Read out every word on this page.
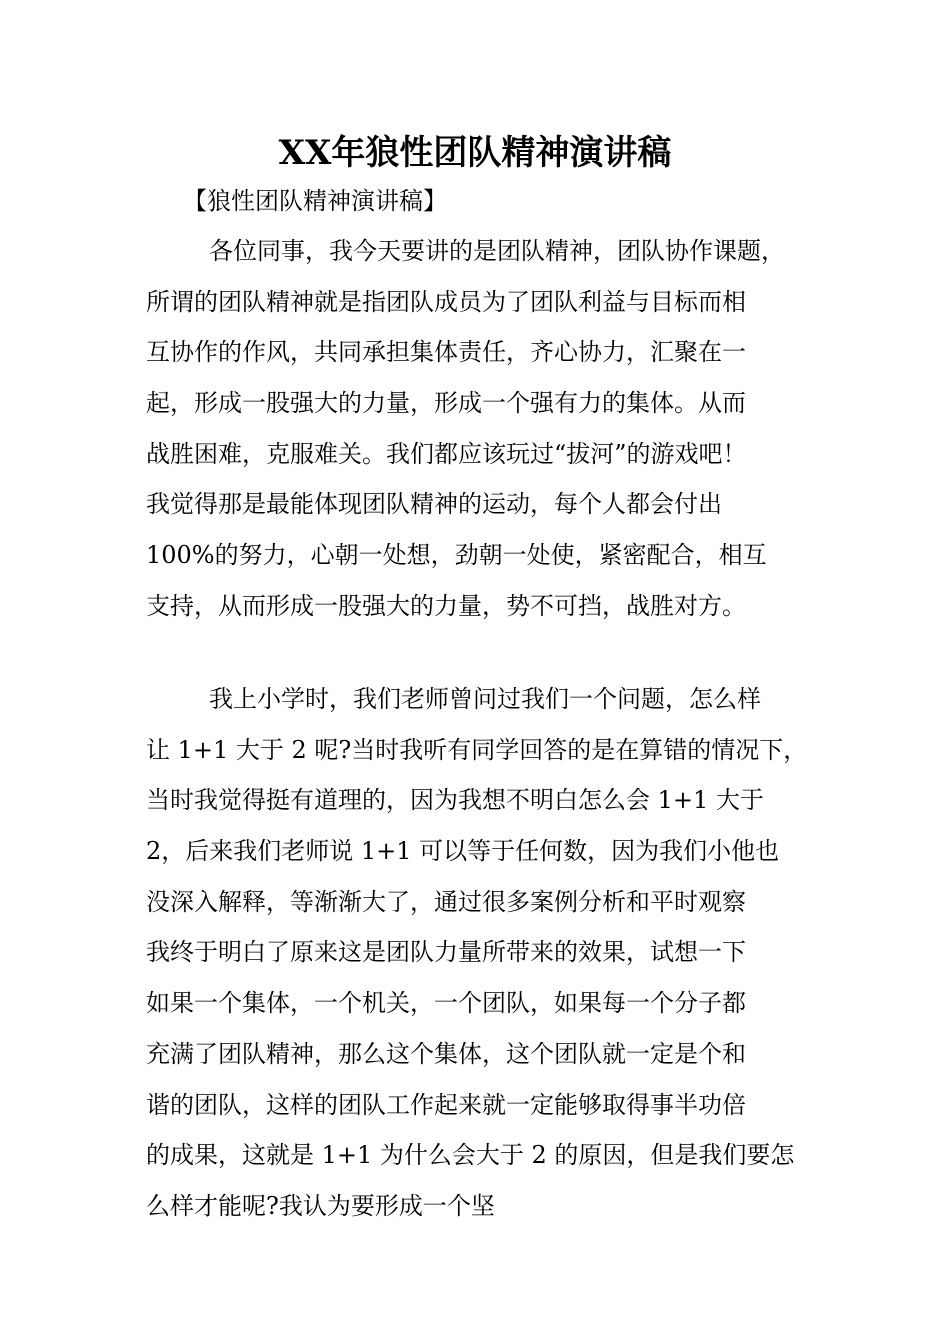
XX年狼性团队精神演讲稿
【狼性团队精神演讲稿】
各位同事，我今天要讲的是团队精神，团队协作课题，
所谓的团队精神就是指团队成员为了团队利益与目标而相
互协作的作风，共同承担集体责任，齐心协力，汇聚在一
起，形成一股强大的力量，形成一个强有力的集体。从而
战胜困难，克服难关。我们都应该玩过“拔河”的游戏吧！
我觉得那是最能体现团队精神的运动，每个人都会付出
100%的努力，心朝一处想，劲朝一处使，紧密配合，相互
支持，从而形成一股强大的力量，势不可挡，战胜对方。
我上小学时，我们老师曾问过我们一个问题，怎么样
让 1+1 大于 2 呢?当时我听有同学回答的是在算错的情况下，
当时我觉得挺有道理的，因为我想不明白怎么会 1+1 大于
2，后来我们老师说 1+1 可以等于任何数，因为我们小他也
没深入解释，等渐渐大了，通过很多案例分析和平时观察
我终于明白了原来这是团队力量所带来的效果，试想一下
如果一个集体，一个机关，一个团队，如果每一个分子都
充满了团队精神，那么这个集体，这个团队就一定是个和
谐的团队，这样的团队工作起来就一定能够取得事半功倍
的成果，这就是 1+1 为什么会大于 2 的原因，但是我们要怎
么样才能呢?我认为要形成一个坚
